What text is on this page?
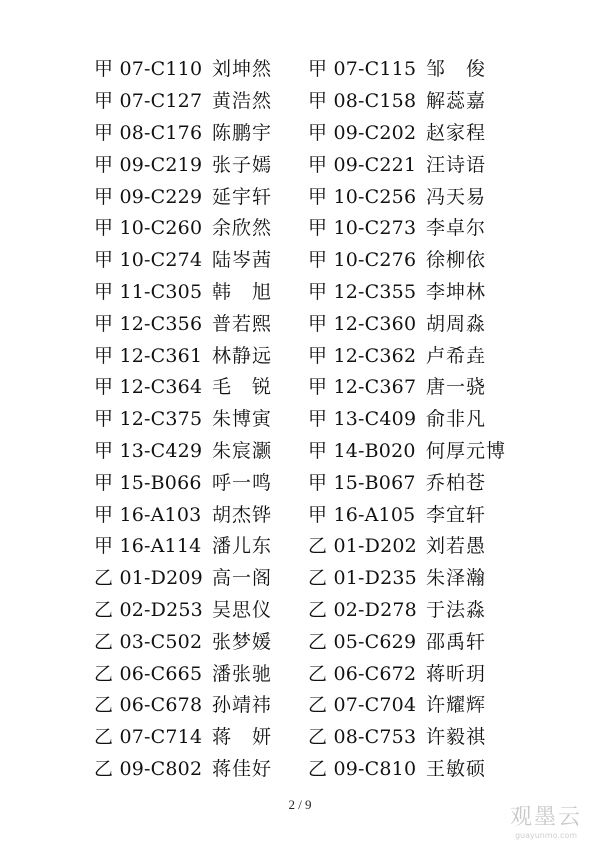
甲 07-C110 刘坤然
甲 07-C127 黄浩然
甲 08-C176 陈鹏宇
甲 09-C219 张子嫣
甲 09-C229 延宇轩
甲 10-C260 余欣然
甲 10-C274 陆岑茜
甲 11-C305 韩　旭
甲 12-C356 普若熙
甲 12-C361 林静远
甲 12-C364 毛　锐
甲 12-C375 朱博寅
甲 13-C429 朱宸灏
甲 15-B066 呼一鸣
甲 16-A103 胡杰铧
甲 16-A114 潘儿东
乙 01-D209 高一阁
乙 02-D253 吴思仪
乙 03-C502 张梦媛
乙 06-C665 潘张驰
乙 06-C678 孙靖祎
乙 07-C714 蒋　妍
乙 09-C802 蒋佳好
甲 07-C115 邹　俊
甲 08-C158 解蕊嘉
甲 09-C202 赵家程
甲 09-C221 汪诗语
甲 10-C256 冯天易
甲 10-C273 李卓尔
甲 10-C276 徐柳依
甲 12-C355 李坤林
甲 12-C360 胡周淼
甲 12-C362 卢希垚
甲 12-C367 唐一骁
甲 13-C409 俞非凡
甲 14-B020 何厚元博
甲 15-B067 乔柏苍
甲 16-A105 李宜轩
乙 01-D202 刘若愚
乙 01-D235 朱泽瀚
乙 02-D278 于法淼
乙 05-C629 邵禹轩
乙 06-C672 蒋昕玥
乙 07-C704 许耀辉
乙 08-C753 许毅祺
乙 09-C810 王敏硕
2 / 9
观墨云
guayunmo.com
